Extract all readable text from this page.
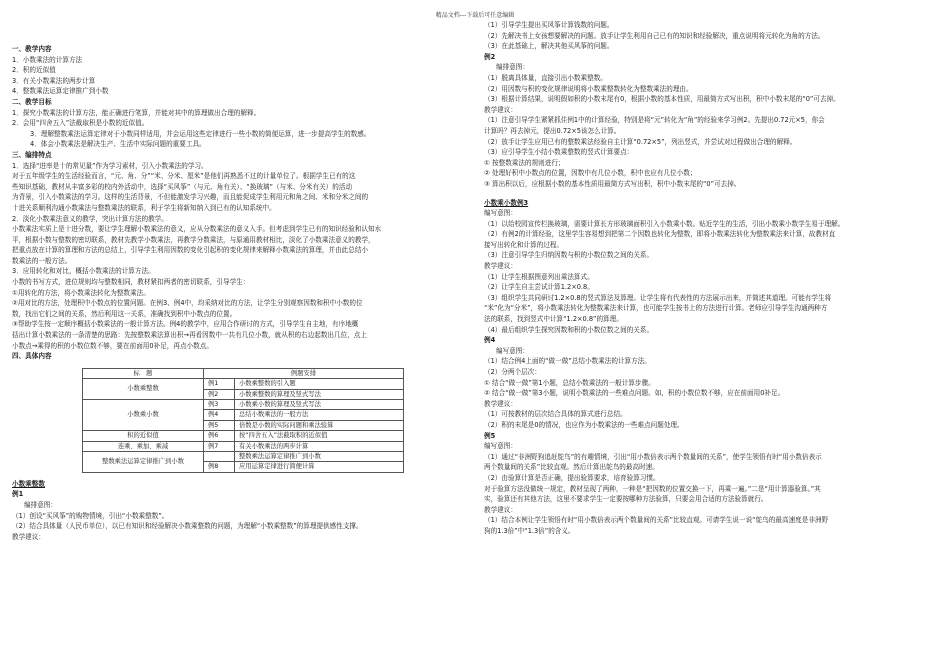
精品文档---下载后可任意编辑
一、教学内容
1．小数乘法的计算方法
2．积的近似值
3．有关小数乘法的两步计算
4．整数乘法运算定律推广到小数
二、教学目标
1．探究小数乘法的计算方法，能正确进行笔算，并能对其中的算理做出合理的解释。
2．会用“四舍五入”法截取积是小数的近似值。
3．理解整数乘法运算定律对于小数同样适用，并会运用这些定律进行一些小数的简便运算，进一步提高学生的数感。
4．体会小数乘法是解决生产、生活中实际问题的重要工具。
三、编排特点
1．选择“进率是十的常见量”作为学习素材，引入小数乘法的学习。
对于五年级学生的生活经验而言，“元、角、分”“米、分米、厘米”是他们再熟悉不过的计量单位了。根据学生已有的这
些知识基础，教材从丰富多彩的校内外活动中，选择“买风筝”（与元、角有关）、“换玻璃”（与米、分米有关）的活动
为背景，引入小数乘法的学习。这样的生活背景，不但能激发学习兴趣，而且能促成学生利用元和角之间、米和分米之间的
十进关系顺利沟通小数乘法与整数乘法的联系，利于学生将新知纳入到已有的认知系统中。
2．淡化小数乘法意义的教学，突出计算方法的教学。
小数乘法实质上是十进分数，要让学生理解小数乘法的意义，应从分数乘法的意义入手。但考虑到学生已有的知识经验和认知水
平，根据小数与整数的密切联系，教材先教学小数乘法，再教学分数乘法，与原通用教材相比，淡化了小数乘法意义的教学，
把重点放在计算的算理和方法的总结上，引导学生利用因数的变化引起积的变化规律来解释小数乘法的算理，并由此总结小
数乘法的一般方法。
3．应用转化和对比，概括小数乘法的计算方法。
小数的书写方式，进位规则均与整数相同，教材紧扣两者的密切联系，引导学生：
①用转化的方法，将小数乘法转化为整数乘法。
②用对比的方法，处理积中小数点的位置问题。在例3、例4中，均采纳对比的方法，让学生分别观察因数和积中小数的位
数，找出它们之间的关系，然后利用这一关系，准确找到积中小数点的位置。
③帮助学生按一定顺序概括小数乘法的一般计算方法。例4的教学中，应用合作研讨的方式，引导学生自主地，有序地概
括出计算小数乘法的一条清楚的思路：先按整数乘法算出积→再看因数中一共有几位小数，就从积的右边起数出几位，点上
小数点→乘得的积的小数位数不够，要在前面用0补足，再点小数点。
四、具体内容
标　题	例题安排	
小数乘整数	例1	小数乘整数的引入题
	例2	小数乘整数的算理及竖式写法
小数乘小数	例3	小数乘小数的算理及竖式写法
	例4	总结小数乘法的一般方法
	例5	倍数是小数的实际问题和乘法验算
积的近似值	例6	按“四舍五入”法截取积的近似值
连乘、乘加、乘减	例7	有关小数乘法的两步计算
整数乘法运算定律推广到小数		整数乘法运算定律推广到小数
	例8	应用运算定律进行简便计算
小数乘整数
例1
编排意图：
（1）创设“买风筝”的购物情境，引出“小数乘整数”。
（2）结合具体量（人民币单位），以已有知识和经验解决小数乘整数的问题，为理解“小数乘整数”的算理提供感性支撑。
教学建议：
（1）引导学生提出买风筝计算钱数的问题。
（2）先解决书上女孩想要解决的问题。放手让学生利用自己已有的知识和经验解决，重点说明将元转化为角的方法。
（3）在此基础上，解决其他买风筝的问题。
例2
编排意图：
（1）脱离具体量，直接引出小数乘整数。
（2）用因数与积的变化规律说明将小数乘整数转化为整数乘法的理由。
（3）根据计算结果，说明假如积的小数末尾有0，根据小数的基本性质，用最简方式写出积，积中小数末尾的“0”可去掉。
教学建议：
（1）注意引导学生紧紧抓住例1中的计算经验，特别是将“元”转化为“角”的经验来学习例2。先提出0.72元×5，你会
计算吗？再去掉元，提出0.72×5该怎么计算。
（2）放手让学生应用已有的整数乘法经验自主计算“0.72×5”，列出竖式，并尝试对过程做出合理的解释。
（3）应引导学生小结小数乘整数的竖式计算要点：
① 按整数乘法的规则进行；
② 处理好积中小数点的位置，因数中有几位小数，积中也应有几位小数；
③ 算出积以后，应根据小数的基本性质用最简方式写出积，积中小数末尾的“0”可去掉。
小数乘小数例3
编写意图：
（1）以给校园宣传栏换玻璃，需要计算长方形玻璃面积引入小数乘小数。贴近学生的生活，引出小数乘小数学生易于理解。
（2）有例2的计算经验，这里学生容易想到把第二个因数也转化为整数，即将小数乘法转化为整数乘法来计算，故教材直
接写出转化和计算的过程。
（3）注意引导学生归纳因数与积的小数位数之间的关系。
教学建议：
（1）让学生根据图意列出乘法算式。
（2）让学生自主尝试计算1.2×0.8。
（3）组织学生共同研讨1.2×0.8的竖式算法及算理。让学生将有代表性的方法展示出来，并简述其道理。可能有学生将
“米”化为“分米”，将小数乘法转化为整数乘法来计算，也可能学生按书上的方法进行计算。老师应引导学生沟通两种方
法的联系，找到竖式中计算“1.2×0.8”的算理。
（4）最后组织学生探究因数和积的小数位数之间的关系。
例4
编写意图：
（1）结合例4上面的“做一做”总结小数乘法的计算方法。
（2）分两个层次：
① 结合“做一做”第1小题，总结小数乘法的一般计算步骤。
② 结合“做一做”第3小题，说明小数乘法的一些难点问题。如，积的小数位数不够，应在前面用0补足。
教学建议：
（1）可按教材的层次结合具体的算式进行总结。
（2）积的末尾是0的情况，也应作为小数乘法的一些难点问题处理。
例5
编写意图：
（1）通过“非洲野狗追赶鸵鸟”的有趣情境，引出“用小数倍表示两个数量间的关系”，使学生领悟有时“用小数倍表示
两个数量间的关系”比较直观。然后计算出鸵鸟的最高时速。
（2）由验算计算是否正确，提出验算要求，培育验算习惯。
对于验算方法没做统一规定，教材呈现了两种，一种是“把因数的位置交换一下，再乘一遍。”二是“用计算器验算。”其
实，验算还有其他方法，这里不要求学生一定要按哪种方法验算，只要会用合适的方法验算就行。
教学建议：
（1）结合本例让学生领悟有时“用小数倍表示两个数量间的关系”比较直观。可请学生说一说“鸵鸟的最高速度是非洲野
狗的1.3倍”中“1.3倍”的含义。
